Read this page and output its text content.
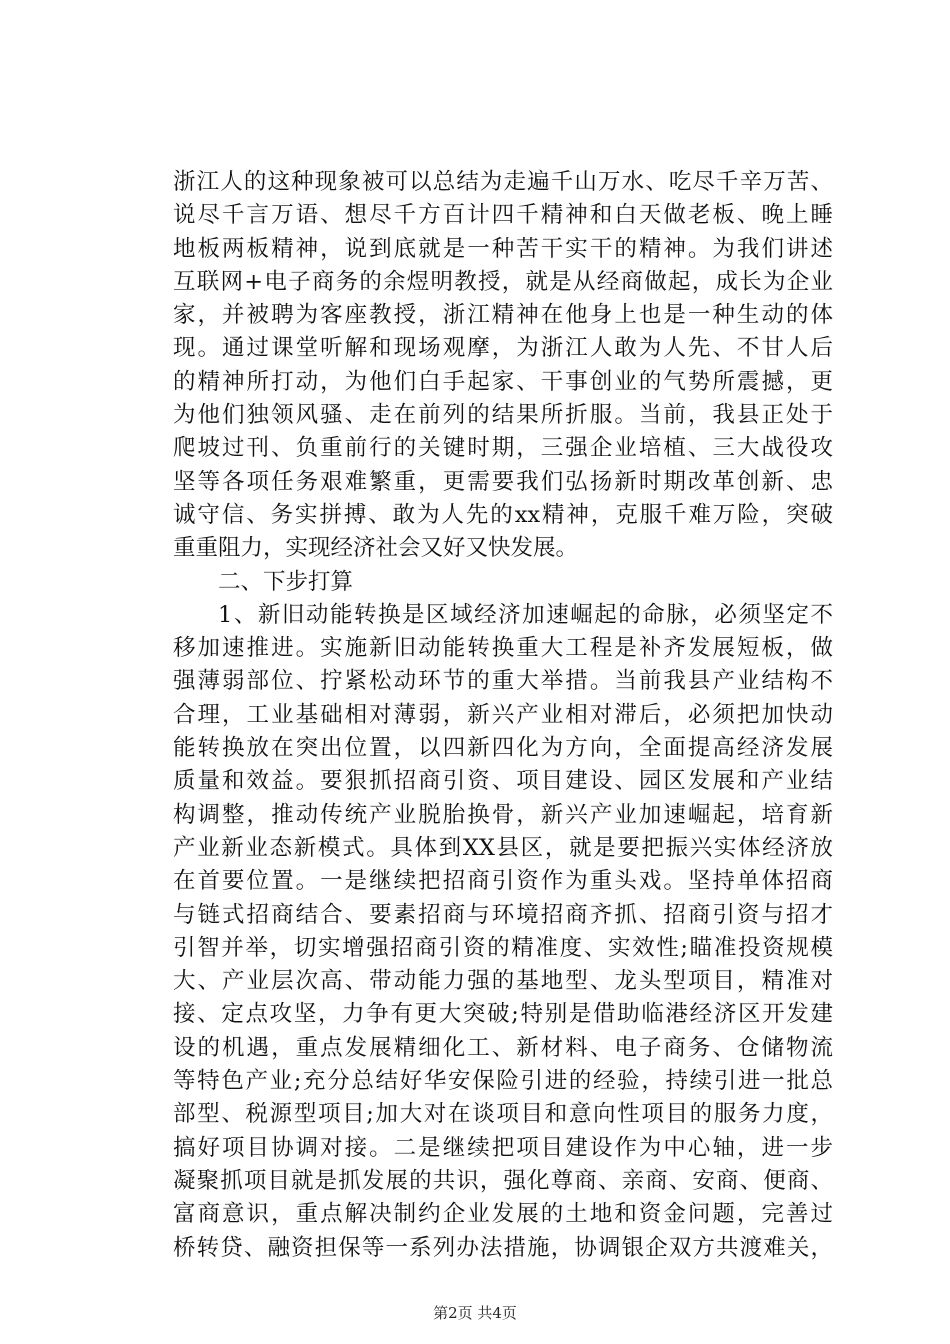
浙江人的这种现象被可以总结为走遍千山万水、吃尽千辛万苦、
说尽千言万语、想尽千方百计四千精神和白天做老板、晚上睡
地板两板精神，说到底就是一种苦干实干的精神。为我们讲述
互联网+电子商务的余煜明教授，就是从经商做起，成长为企业
家，并被聘为客座教授，浙江精神在他身上也是一种生动的体
现。通过课堂听解和现场观摩，为浙江人敢为人先、不甘人后
的精神所打动，为他们白手起家、干事创业的气势所震撼，更
为他们独领风骚、走在前列的结果所折服。当前，我县正处于
爬坡过刊、负重前行的关键时期，三强企业培植、三大战役攻
坚等各项任务艰难繁重，更需要我们弘扬新时期改革创新、忠
诚守信、务实拼搏、敢为人先的xx精神，克服千难万险，突破
重重阻力，实现经济社会又好又快发展。
二、下步打算
1、新旧动能转换是区域经济加速崛起的命脉，必须坚定不
移加速推进。实施新旧动能转换重大工程是补齐发展短板，做
强薄弱部位、拧紧松动环节的重大举措。当前我县产业结构不
合理，工业基础相对薄弱，新兴产业相对滞后，必须把加快动
能转换放在突出位置，以四新四化为方向，全面提高经济发展
质量和效益。要狠抓招商引资、项目建设、园区发展和产业结
构调整，推动传统产业脱胎换骨，新兴产业加速崛起，培育新
产业新业态新模式。具体到XX县区，就是要把振兴实体经济放
在首要位置。一是继续把招商引资作为重头戏。坚持单体招商
与链式招商结合、要素招商与环境招商齐抓、招商引资与招才
引智并举，切实增强招商引资的精准度、实效性;瞄准投资规模
大、产业层次高、带动能力强的基地型、龙头型项目，精准对
接、定点攻坚，力争有更大突破;特别是借助临港经济区开发建
设的机遇，重点发展精细化工、新材料、电子商务、仓储物流
等特色产业;充分总结好华安保险引进的经验，持续引进一批总
部型、税源型项目;加大对在谈项目和意向性项目的服务力度，
搞好项目协调对接。二是继续把项目建设作为中心轴，进一步
凝聚抓项目就是抓发展的共识，强化尊商、亲商、安商、便商、
富商意识，重点解决制约企业发展的土地和资金问题，完善过
桥转贷、融资担保等一系列办法措施，协调银企双方共渡难关，
第2页 共4页
